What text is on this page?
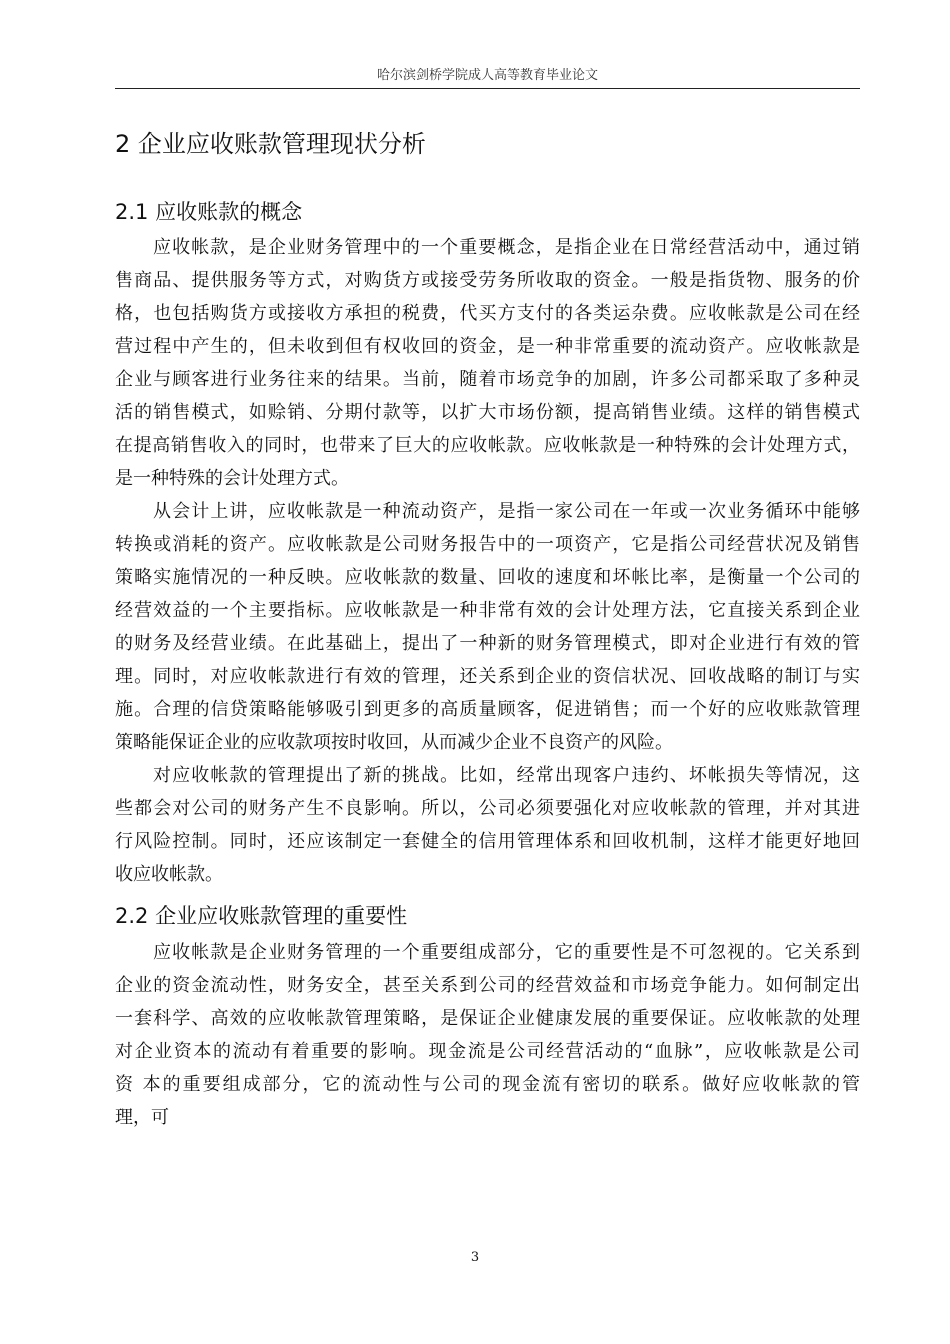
哈尔滨剑桥学院成人高等教育毕业论文
2 企业应收账款管理现状分析
2.1 应收账款的概念
应收帐款，是企业财务管理中的一个重要概念，是指企业在日常经营活动中，通过销
售商品、提供服务等方式，对购货方或接受劳务所收取的资金。一般是指货物、服务的价
格，也包括购货方或接收方承担的税费，代买方支付的各类运杂费。应收帐款是公司在经
营过程中产生的，但未收到但有权收回的资金，是一种非常重要的流动资产。应收帐款是
企业与顾客进行业务往来的结果。当前，随着市场竞争的加剧，许多公司都采取了多种灵
活的销售模式，如赊销、分期付款等，以扩大市场份额，提高销售业绩。这样的销售模式
在提高销售收入的同时，也带来了巨大的应收帐款。应收帐款是一种特殊的会计处理方式，
是一种特殊的会计处理方式。
从会计上讲，应收帐款是一种流动资产，是指一家公司在一年或一次业务循环中能够
转换或消耗的资产。应收帐款是公司财务报告中的一项资产，它是指公司经营状况及销售
策略实施情况的一种反映。应收帐款的数量、回收的速度和坏帐比率，是衡量一个公司的
经营效益的一个主要指标。应收帐款是一种非常有效的会计处理方法，它直接关系到企业
的财务及经营业绩。在此基础上，提出了一种新的财务管理模式，即对企业进行有效的管
理。同时，对应收帐款进行有效的管理，还关系到企业的资信状况、回收战略的制订与实
施。合理的信贷策略能够吸引到更多的高质量顾客，促进销售；而一个好的应收账款管理
策略能保证企业的应收款项按时收回，从而减少企业不良资产的风险。
对应收帐款的管理提出了新的挑战。比如，经常出现客户违约、坏帐损失等情况，这
些都会对公司的财务产生不良影响。所以，公司必须要强化对应收帐款的管理，并对其进
行风险控制。同时，还应该制定一套健全的信用管理体系和回收机制，这样才能更好地回
收应收帐款。
2.2 企业应收账款管理的重要性
应收帐款是企业财务管理的一个重要组成部分，它的重要性是不可忽视的。它关系到
企业的资金流动性，财务安全，甚至关系到公司的经营效益和市场竞争能力。如何制定出
一套科学、高效的应收帐款管理策略，是保证企业健康发展的重要保证。应收帐款的处理
对企业资本的流动有着重要的影响。现金流是公司经营活动的“血脉”，应收帐款是公司
资 本的重要组成部分，它的流动性与公司的现金流有密切的联系。做好应收帐款的管
理，可
3
